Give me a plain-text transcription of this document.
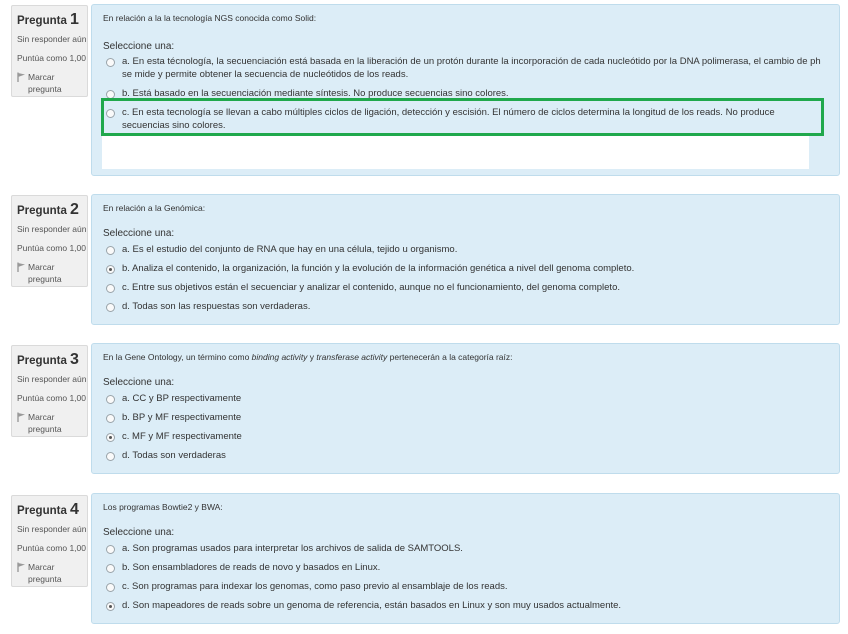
Pregunta 1
Sin responder aún
Puntúa como 1,00
Marcar pregunta
En relación a la la tecnología NGS conocida como Solid:
Seleccione una:
a. En esta técnología, la secuenciación está basada en la liberación de un protón durante la incorporación de cada nucleótido por la DNA polimerasa, el cambio de ph se mide y permite obtener la secuencia de nucleótidos de los reads.
b. Está basado en la secuenciación mediante síntesis. No produce secuencias sino colores.
c. En esta tecnología se llevan a cabo múltiples ciclos de ligación, detección y escisión. El número de ciclos determina la longitud de los reads. No produce secuencias sino colores.
Pregunta 2
Sin responder aún
Puntúa como 1,00
Marcar pregunta
En relación a la Genómica:
Seleccione una:
a. Es el estudio del conjunto de RNA que hay en una célula, tejido u organismo.
b. Analiza el contenido, la organización, la función y la evolución de la información genética a nivel dell genoma completo.
c. Entre sus objetivos están el secuenciar y analizar el contenido, aunque no el funcionamiento, del genoma completo.
d. Todas son las respuestas son verdaderas.
Pregunta 3
Sin responder aún
Puntúa como 1,00
Marcar pregunta
En la Gene Ontology, un término como binding activity y transferase activity pertenecerán a la categoría raíz:
Seleccione una:
a. CC y BP respectivamente
b. BP y MF respectivamente
c. MF y MF respectivamente
d. Todas son verdaderas
Pregunta 4
Sin responder aún
Puntúa como 1,00
Marcar pregunta
Los programas Bowtie2 y BWA:
Seleccione una:
a. Son programas usados para interpretar los archivos de salida de SAMTOOLS.
b. Son ensambladores de reads de novo y basados en Linux.
c. Son programas para indexar los genomas, como paso previo al ensamblaje de los reads.
d. Son mapeadores de reads sobre un genoma de referencia, están basados en Linux y son muy usados actualmente.
